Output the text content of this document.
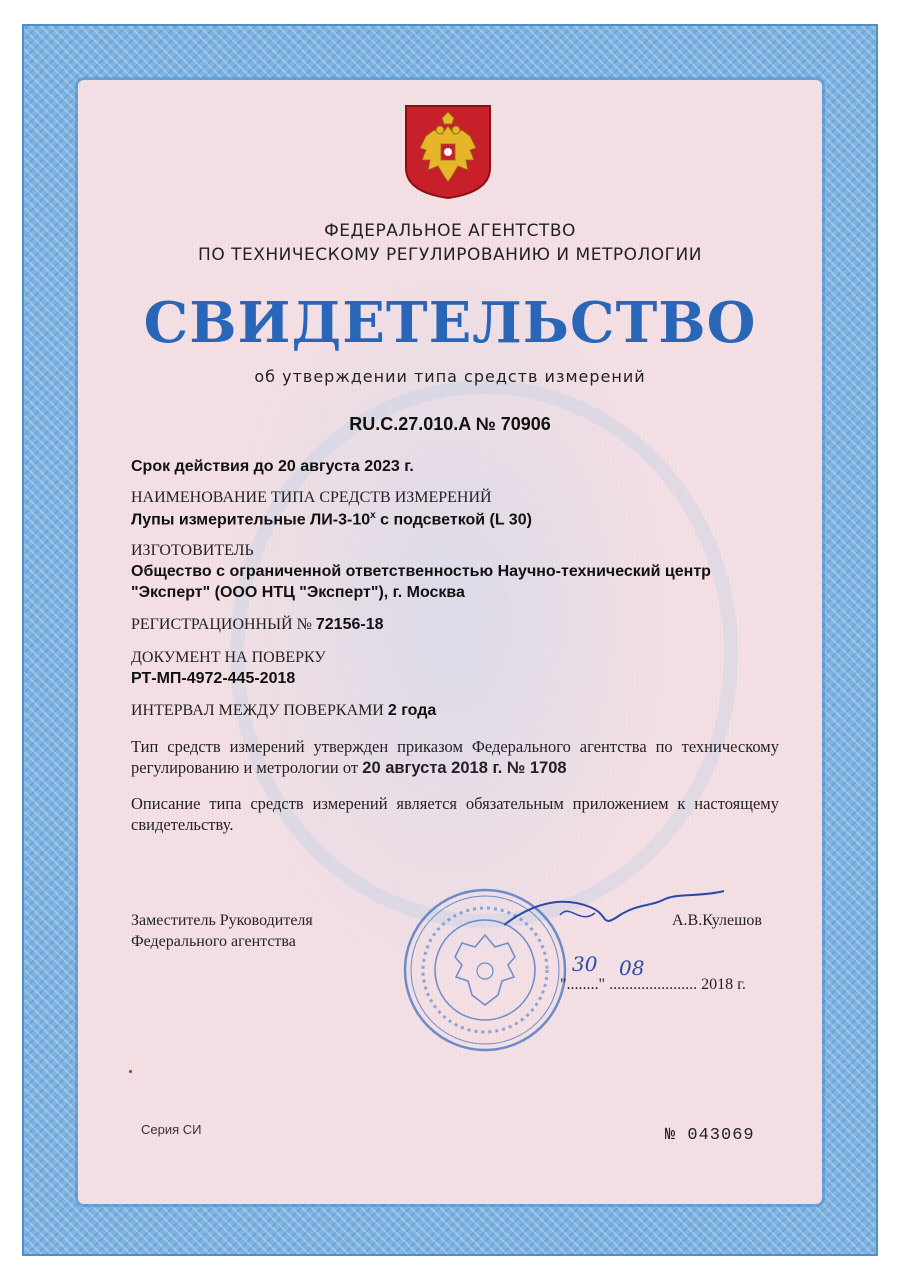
ФЕДЕРАЛЬНОЕ АГЕНТСТВО
ПО ТЕХНИЧЕСКОМУ РЕГУЛИРОВАНИЮ И МЕТРОЛОГИИ
СВИДЕТЕЛЬСТВО
об утверждении типа средств измерений
RU.C.27.010.A № 70906
Срок действия до 20 августа 2023 г.
НАИМЕНОВАНИЕ ТИПА СРЕДСТВ ИЗМЕРЕНИЙ
Лупы измерительные ЛИ-3-10$^x$ с подсветкой (L 30)
ИЗГОТОВИТЕЛЬ
Общество с ограниченной ответственностью Научно-технический центр
"Эксперт" (ООО НТЦ "Эксперт"), г. Москва
РЕГИСТРАЦИОННЫЙ № 72156-18
ДОКУМЕНТ НА ПОВЕРКУ
РТ-МП-4972-445-2018
ИНТЕРВАЛ МЕЖДУ ПОВЕРКАМИ 2 года
Тип средств измерений утвержден приказом Федерального агентства по техническому регулированию и метрологии от 20 августа 2018 г. № 1708
Описание типа средств измерений является обязательным приложением к настоящему свидетельству.
Заместитель Руководителя
Федерального агентства
А.В.Кулешов
30 08
"........" ...................... 2018 г.
Серия СИ	№ 043069
